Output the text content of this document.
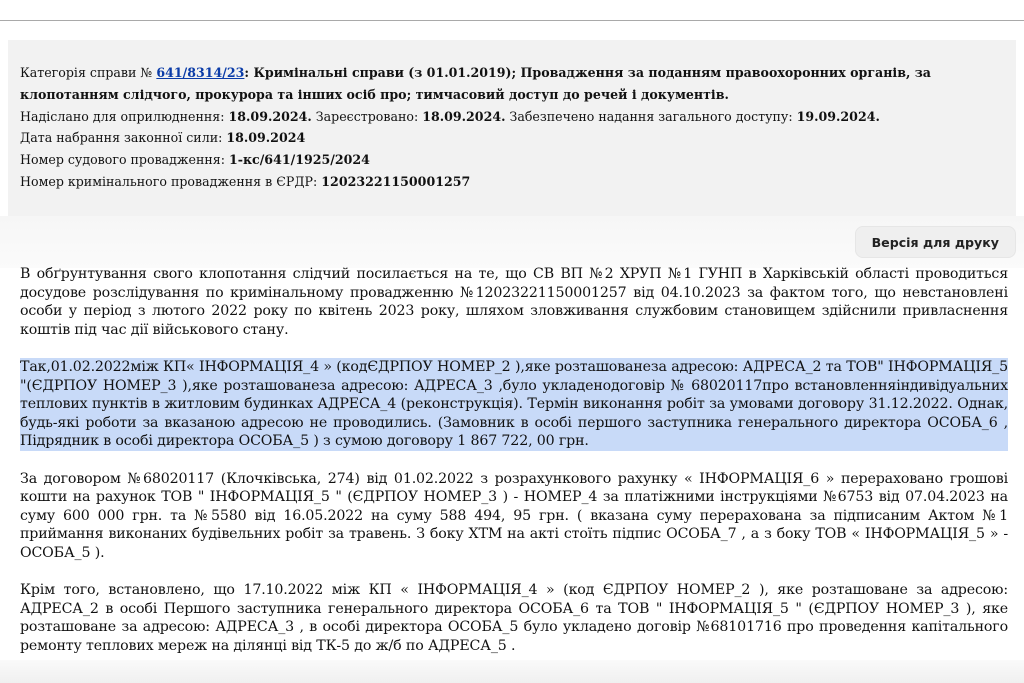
Категорія справи № 641/8314/23: Кримінальні справи (з 01.01.2019); Провадження за поданням правоохоронних органів, за клопотанням слідчого, прокурора та інших осіб про; тимчасовий доступ до речей і документів.
Надіслано для оприлюднення: 18.09.2024. Зареєстровано: 18.09.2024. Забезпечено надання загального доступу: 19.09.2024.
Дата набрання законної сили: 18.09.2024
Номер судового провадження: 1-кс/641/1925/2024
Номер кримінального провадження в ЄРДР: 12023221150001257
Версія для друку

В обґрунтування свого клопотання слідчий посилається на те, що СВ ВП №2 ХРУП №1 ГУНП в Харківській області проводиться досудове розслідування по кримінальному провадженню №12023221150001257 від 04.10.2023 за фактом того, що невстановлені особи у період з лютого 2022 року по квітень 2023 року, шляхом зловживання службовим становищем здійснили привласнення коштів під час дії військового стану.

Так,01.02.2022між КП« ІНФОРМАЦІЯ_4 » (кодЄДРПОУ НОМЕР_2 ),яке розташованеза адресою: АДРЕСА_2 та ТОВ" ІНФОРМАЦІЯ_5 "(ЄДРПОУ НОМЕР_3 ),яке розташованеза адресою: АДРЕСА_3 ,було укладенодоговір № 68020117про встановленняіндивідуальних теплових пунктів в житловим будинках АДРЕСА_4 (реконструкція). Термін виконання робіт за умовами договору 31.12.2022. Однак, будь-які роботи за вказаною адресою не проводились. (Замовник в особі першого заступника генерального директора ОСОБА_6 , Підрядник в особі директора ОСОБА_5 ) з сумою договору 1 867 722, 00 грн.

За договором №68020117 (Клочківська, 274) від 01.02.2022 з розрахункового рахунку « ІНФОРМАЦІЯ_6 » перераховано грошові кошти на рахунок ТОВ " ІНФОРМАЦІЯ_5 " (ЄДРПОУ НОМЕР_3 ) - НОМЕР_4 за платіжними інструкціями №6753 від 07.04.2023 на суму 600 000 грн. та №5580 від 16.05.2022 на суму 588 494, 95 грн. ( вказана суму перерахована за підписаним Актом №1 приймання виконаних будівельних робіт за травень. З боку ХТМ на акті стоїть підпис ОСОБА_7 , а з боку ТОВ « ІНФОРМАЦІЯ_5 » - ОСОБА_5 ).

Крім того, встановлено, що 17.10.2022 між КП « ІНФОРМАЦІЯ_4 » (код ЄДРПОУ НОМЕР_2 ), яке розташоване за адресою: АДРЕСА_2 в особі Першого заступника генерального директора ОСОБА_6 та ТОВ " ІНФОРМАЦІЯ_5 " (ЄДРПОУ НОМЕР_3 ), яке розташоване за адресою: АДРЕСА_3 , в особі директора ОСОБА_5 було укладено договір №68101716 про проведення капітального ремонту теплових мереж на ділянці від ТК-5 до ж/б по АДРЕСА_5 .
